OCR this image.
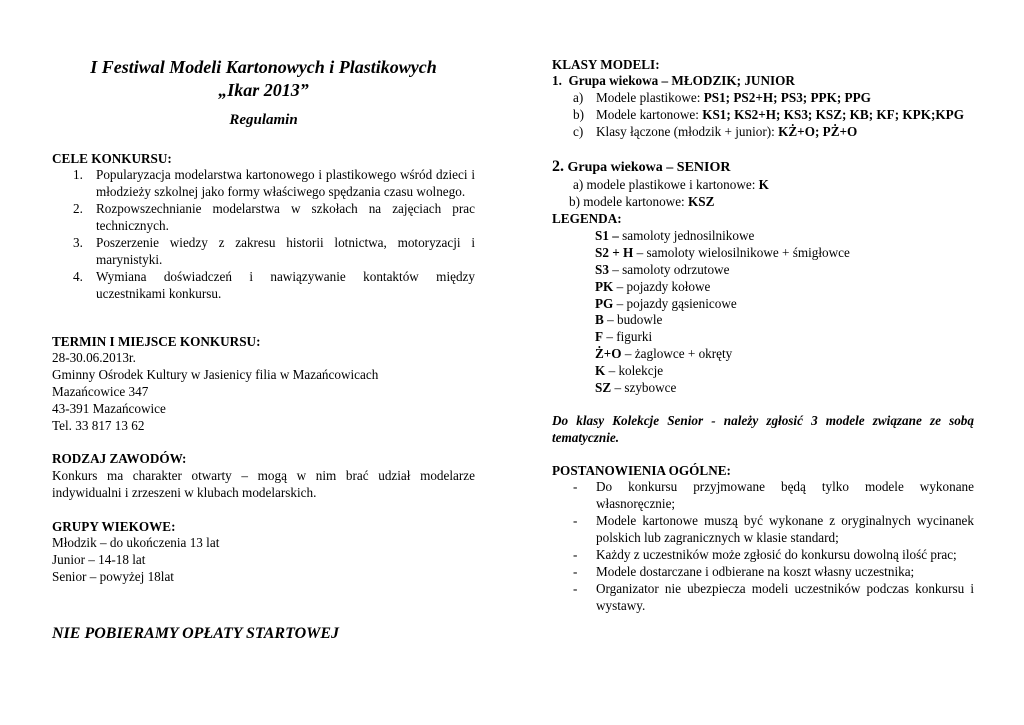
I Festiwal Modeli Kartonowych i Plastikowych
„Ikar 2013”
Regulamin
CELE KONKURSU:
1. Popularyzacja modelarstwa kartonowego i plastikowego wśród dzieci i młodzieży szkolnej jako formy właściwego spędzania czasu wolnego.
2. Rozpowszechnianie modelarstwa w szkołach na zajęciach prac technicznych.
3. Poszerzenie wiedzy z zakresu historii lotnictwa, motoryzacji i marynistyki.
4. Wymiana doświadczeń i nawiązywanie kontaktów między uczestnikami konkursu.
TERMIN I MIEJSCE KONKURSU:
28-30.06.2013r.
Gminny Ośrodek Kultury w Jasienicy filia w Mazańcowicach
Mazańcowice 347
43-391 Mazańcowice
Tel. 33 817 13 62
RODZAJ ZAWODÓW:
Konkurs ma charakter otwarty – mogą w nim brać udział modelarze indywidualni i zrzeszeni w klubach modelarskich.
GRUPY WIEKOWE:
Młodzik – do ukończenia 13 lat
Junior – 14-18 lat
Senior – powyżej 18lat
NIE POBIERAMY OPŁATY STARTOWEJ
KLASY MODELI:
1. Grupa wiekowa – MŁODZIK; JUNIOR
a) Modele plastikowe: PS1; PS2+H; PS3; PPK; PPG
b) Modele kartonowe: KS1; KS2+H; KS3; KSZ; KB; KF; KPK;KPG
c) Klasy łączone (młodzik + junior): KŻ+O; PŻ+O
2. Grupa wiekowa – SENIOR
a) modele plastikowe i kartonowe: K
b) modele kartonowe: KSZ
LEGENDA:
S1 – samoloty jednosilnikowe
S2 + H – samoloty wielosilnikowe + śmigłowce
S3 – samoloty odrzutowe
PK – pojazdy kołowe
PG – pojazdy gąsienicowe
B – budowle
F – figurki
Ż+O – żaglowce + okręty
K – kolekcje
SZ – szybowce
Do klasy Kolekcje Senior - należy zgłosić 3 modele związane ze sobą tematycznie.
POSTANOWIENIA OGÓLNE:
- Do konkursu przyjmowane będą tylko modele wykonane własnoręcznie;
- Modele kartonowe muszą być wykonane z oryginalnych wycinanek polskich lub zagranicznych w klasie standard;
- Każdy z uczestników może zgłosić do konkursu dowolną ilość prac;
- Modele dostarczane i odbierane na koszt własny uczestnika;
- Organizator nie ubezpiecza modeli uczestników podczas konkursu i wystawy.
